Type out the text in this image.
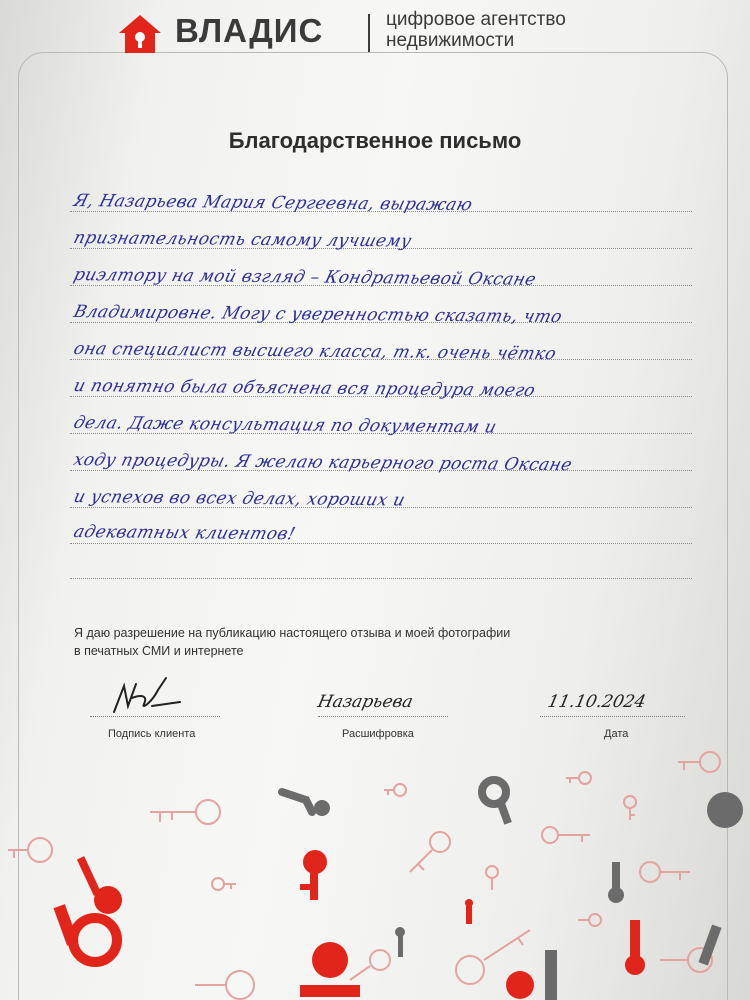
ВЛАДИС	цифровое агентство
недвижимости
Благодарственное письмо
Я, Назарьева Мария Сергеевна, выражаю
признательность самому лучшему
риэлтору на мой взгляд – Кондратьевой Оксане
Владимировне. Могу с уверенностью сказать, что
она специалист высшего класса, т.к. очень чётко
и понятно была объяснена вся процедура моего
дела. Даже консультация по документам и
ходу процедуры. Я желаю карьерного роста Оксане
и успехов во всех делах, хороших и
адекватных клиентов!
Я даю разрешение на публикацию настоящего отзыва и моей фотографии
в печатных СМИ и интернете
Подпись клиента
Назарьева
Расшифровка
11.10.2024
Дата
